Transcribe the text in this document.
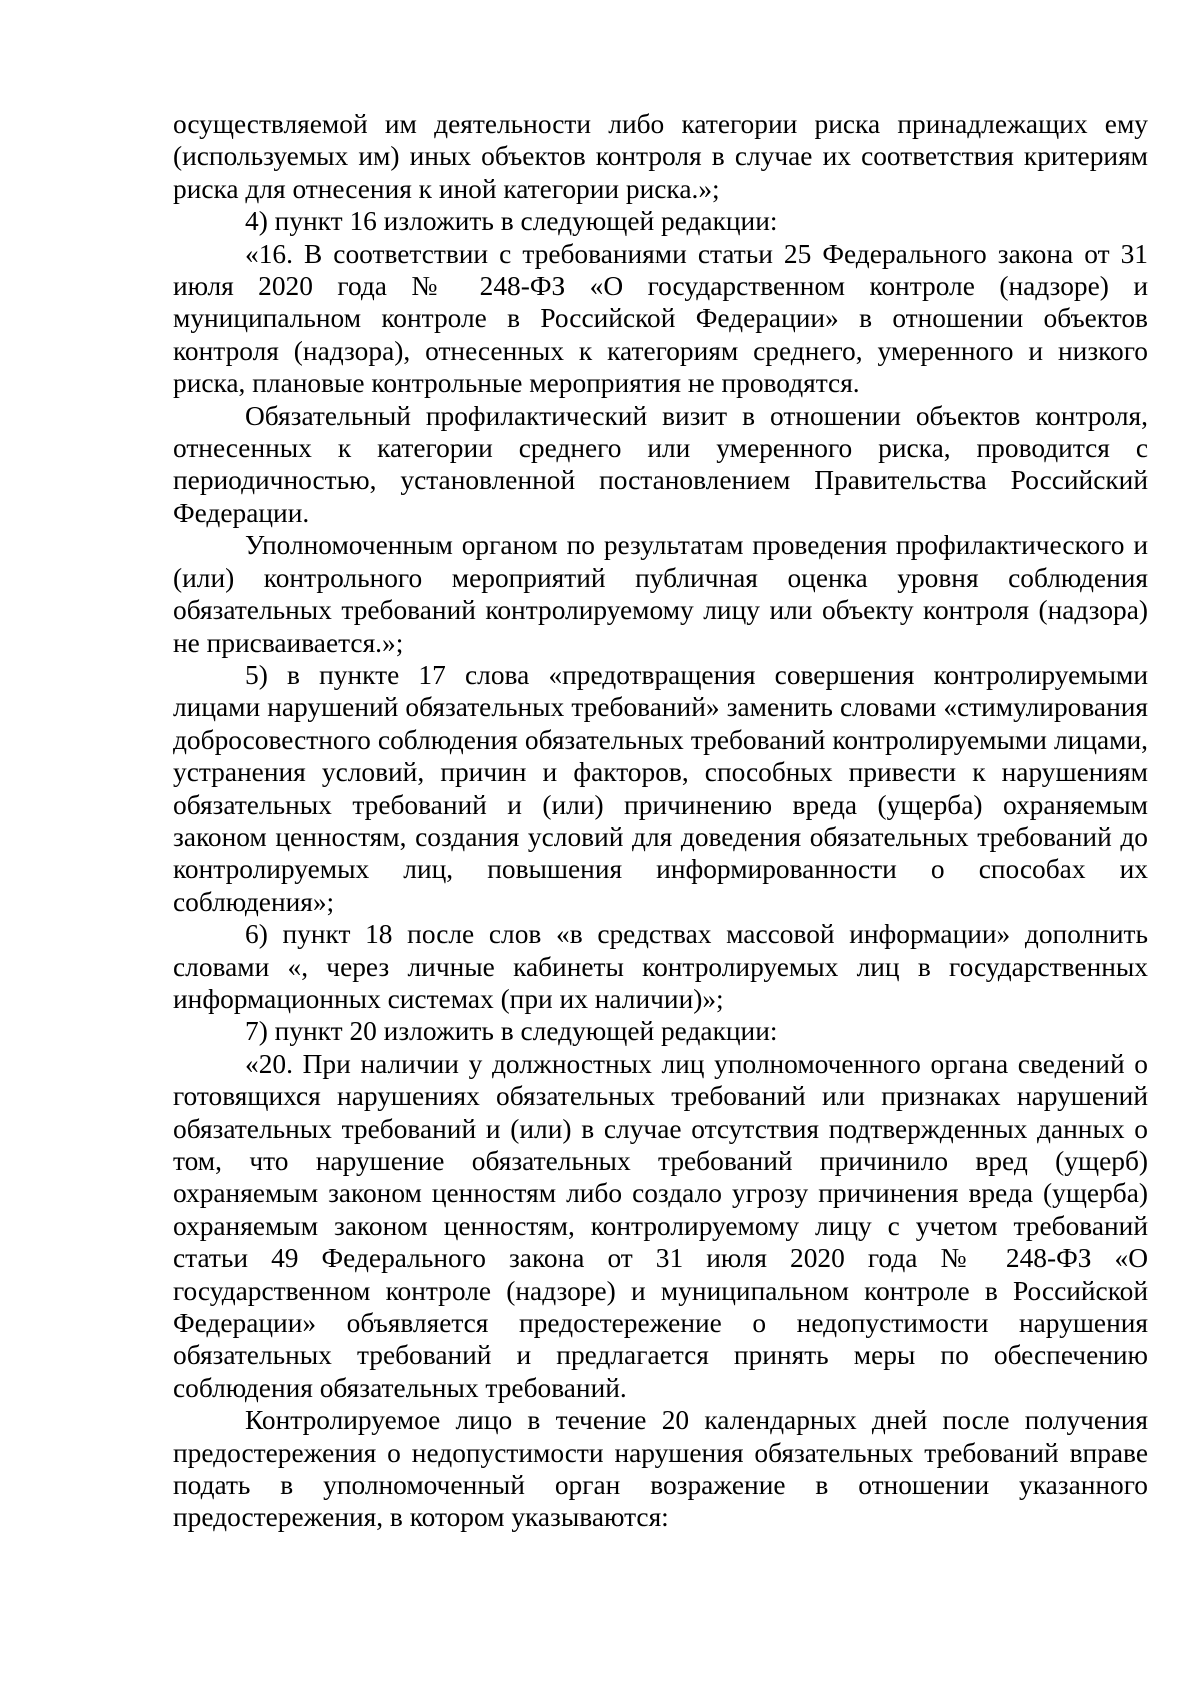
осуществляемой им деятельности либо категории риска принадлежащих ему (используемых им) иных объектов контроля в случае их соответствия критериям риска для отнесения к иной категории риска.»;

4) пункт 16 изложить в следующей редакции:

«16. В соответствии с требованиями статьи 25 Федерального закона от 31 июля 2020 года № 248-ФЗ «О государственном контроле (надзоре) и муниципальном контроле в Российской Федерации» в отношении объектов контроля (надзора), отнесенных к категориям среднего, умеренного и низкого риска, плановые контрольные мероприятия не проводятся.

Обязательный профилактический визит в отношении объектов контроля, отнесенных к категории среднего или умеренного риска, проводится с периодичностью, установленной постановлением Правительства Российский Федерации.

Уполномоченным органом по результатам проведения профилактического и (или) контрольного мероприятий публичная оценка уровня соблюдения обязательных требований контролируемому лицу или объекту контроля (надзора) не присваивается.»;

5) в пункте 17 слова «предотвращения совершения контролируемыми лицами нарушений обязательных требований» заменить словами «стимулирования добросовестного соблюдения обязательных требований контролируемыми лицами, устранения условий, причин и факторов, способных привести к нарушениям обязательных требований и (или) причинению вреда (ущерба) охраняемым законом ценностям, создания условий для доведения обязательных требований до контролируемых лиц, повышения информированности о способах их соблюдения»;

6) пункт 18 после слов «в средствах массовой информации» дополнить словами «, через личные кабинеты контролируемых лиц в государственных информационных системах (при их наличии)»;

7) пункт 20 изложить в следующей редакции:

«20. При наличии у должностных лиц уполномоченного органа сведений о готовящихся нарушениях обязательных требований или признаках нарушений обязательных требований и (или) в случае отсутствия подтвержденных данных о том, что нарушение обязательных требований причинило вред (ущерб) охраняемым законом ценностям либо создало угрозу причинения вреда (ущерба) охраняемым законом ценностям, контролируемому лицу с учетом требований статьи 49 Федерального закона от 31 июля 2020 года № 248-ФЗ «О государственном контроле (надзоре) и муниципальном контроле в Российской Федерации» объявляется предостережение о недопустимости нарушения обязательных требований и предлагается принять меры по обеспечению соблюдения обязательных требований.

Контролируемое лицо в течение 20 календарных дней после получения предостережения о недопустимости нарушения обязательных требований вправе подать в уполномоченный орган возражение в отношении указанного предостережения, в котором указываются:
